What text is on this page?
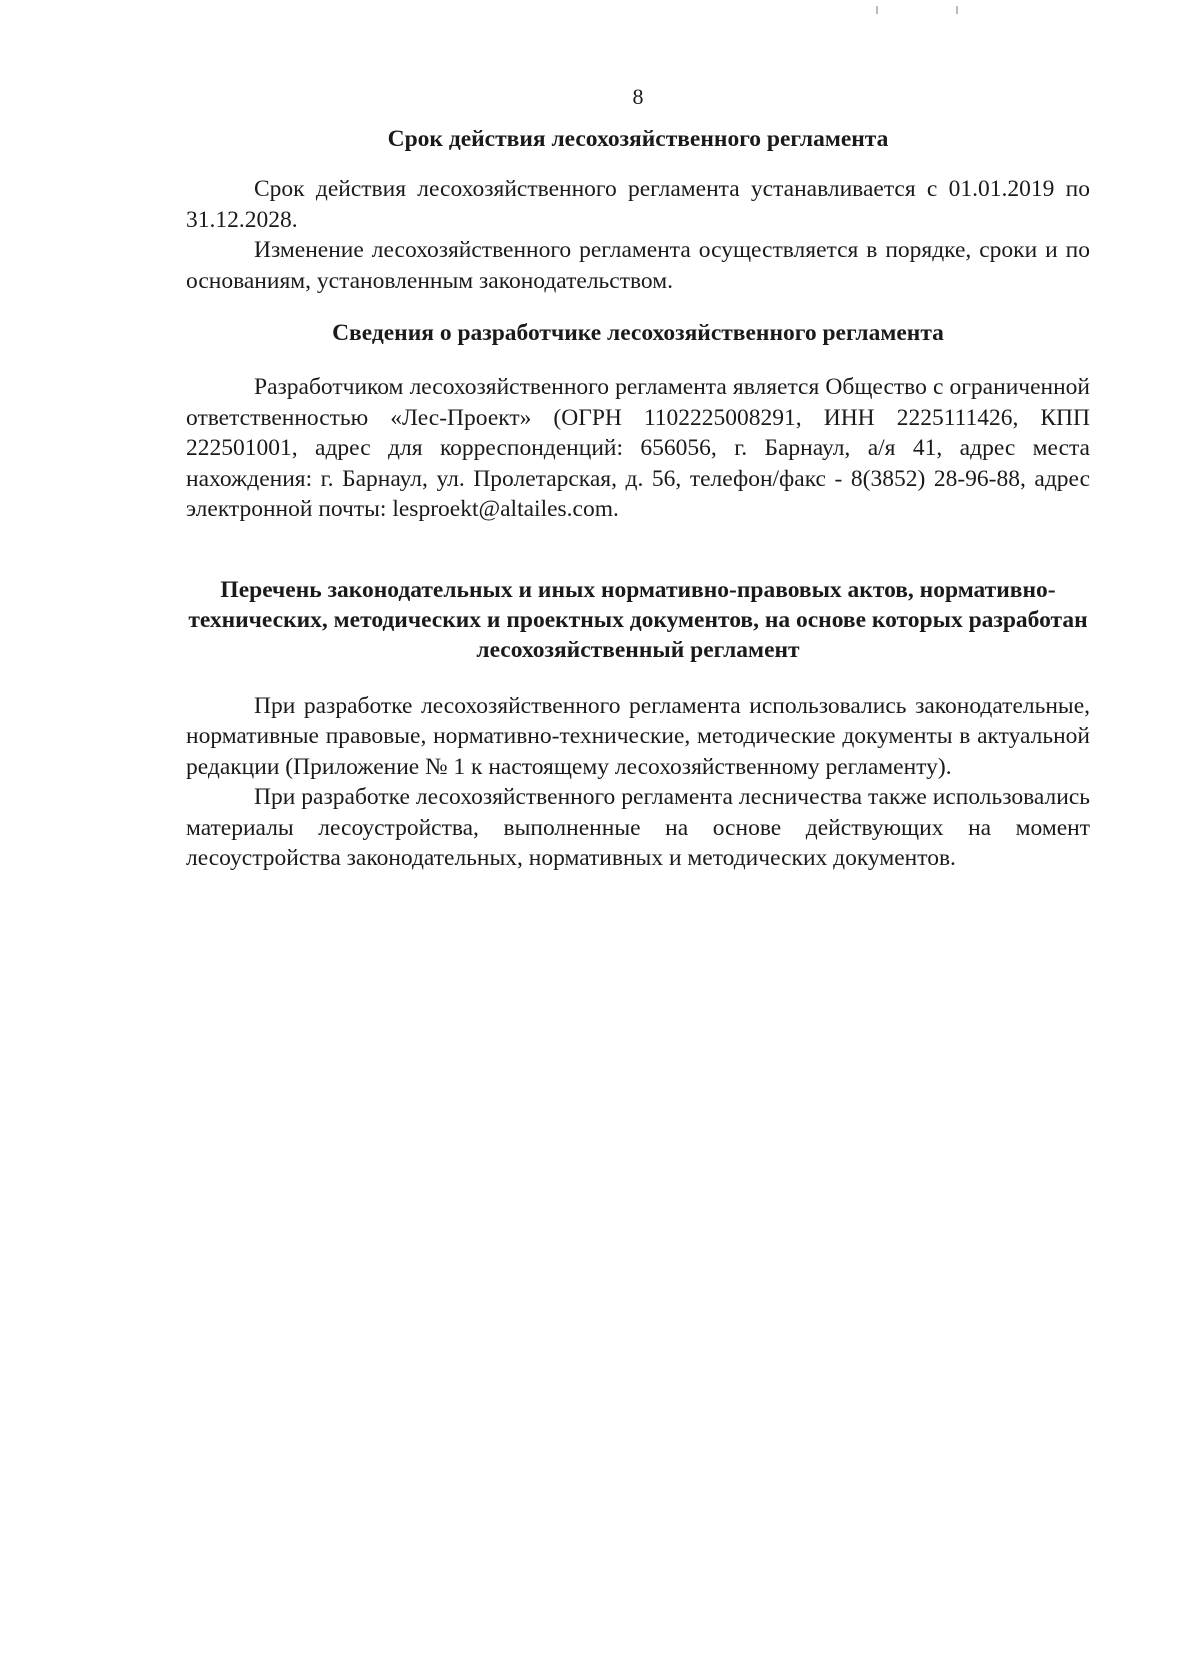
8
Срок действия лесохозяйственного регламента

Срок действия лесохозяйственного регламента устанавливается с 01.01.2019 по 31.12.2028.

Изменение лесохозяйственного регламента осуществляется в порядке, сроки и по основаниям, установленным законодательством.

Сведения о разработчике лесохозяйственного регламента

Разработчиком лесохозяйственного регламента является Общество с ограниченной ответственностью «Лес-Проект» (ОГРН 1102225008291, ИНН 2225111426, КПП 222501001, адрес для корреспонденций: 656056, г. Барнаул, а/я 41, адрес места нахождения: г. Барнаул, ул. Пролетарская, д. 56, телефон/факс - 8(3852) 28-96-88, адрес электронной почты: lesproekt@altailes.com.

Перечень законодательных и иных нормативно-правовых актов, нормативно-технических, методических и проектных документов, на основе которых разработан лесохозяйственный регламент

При разработке лесохозяйственного регламента использовались законодательные, нормативные правовые, нормативно-технические, методические документы в актуальной редакции (Приложение № 1 к настоящему лесохозяйственному регламенту).

При разработке лесохозяйственного регламента лесничества также использовались материалы лесоустройства, выполненные на основе действующих на момент лесоустройства законодательных, нормативных и методических документов.
